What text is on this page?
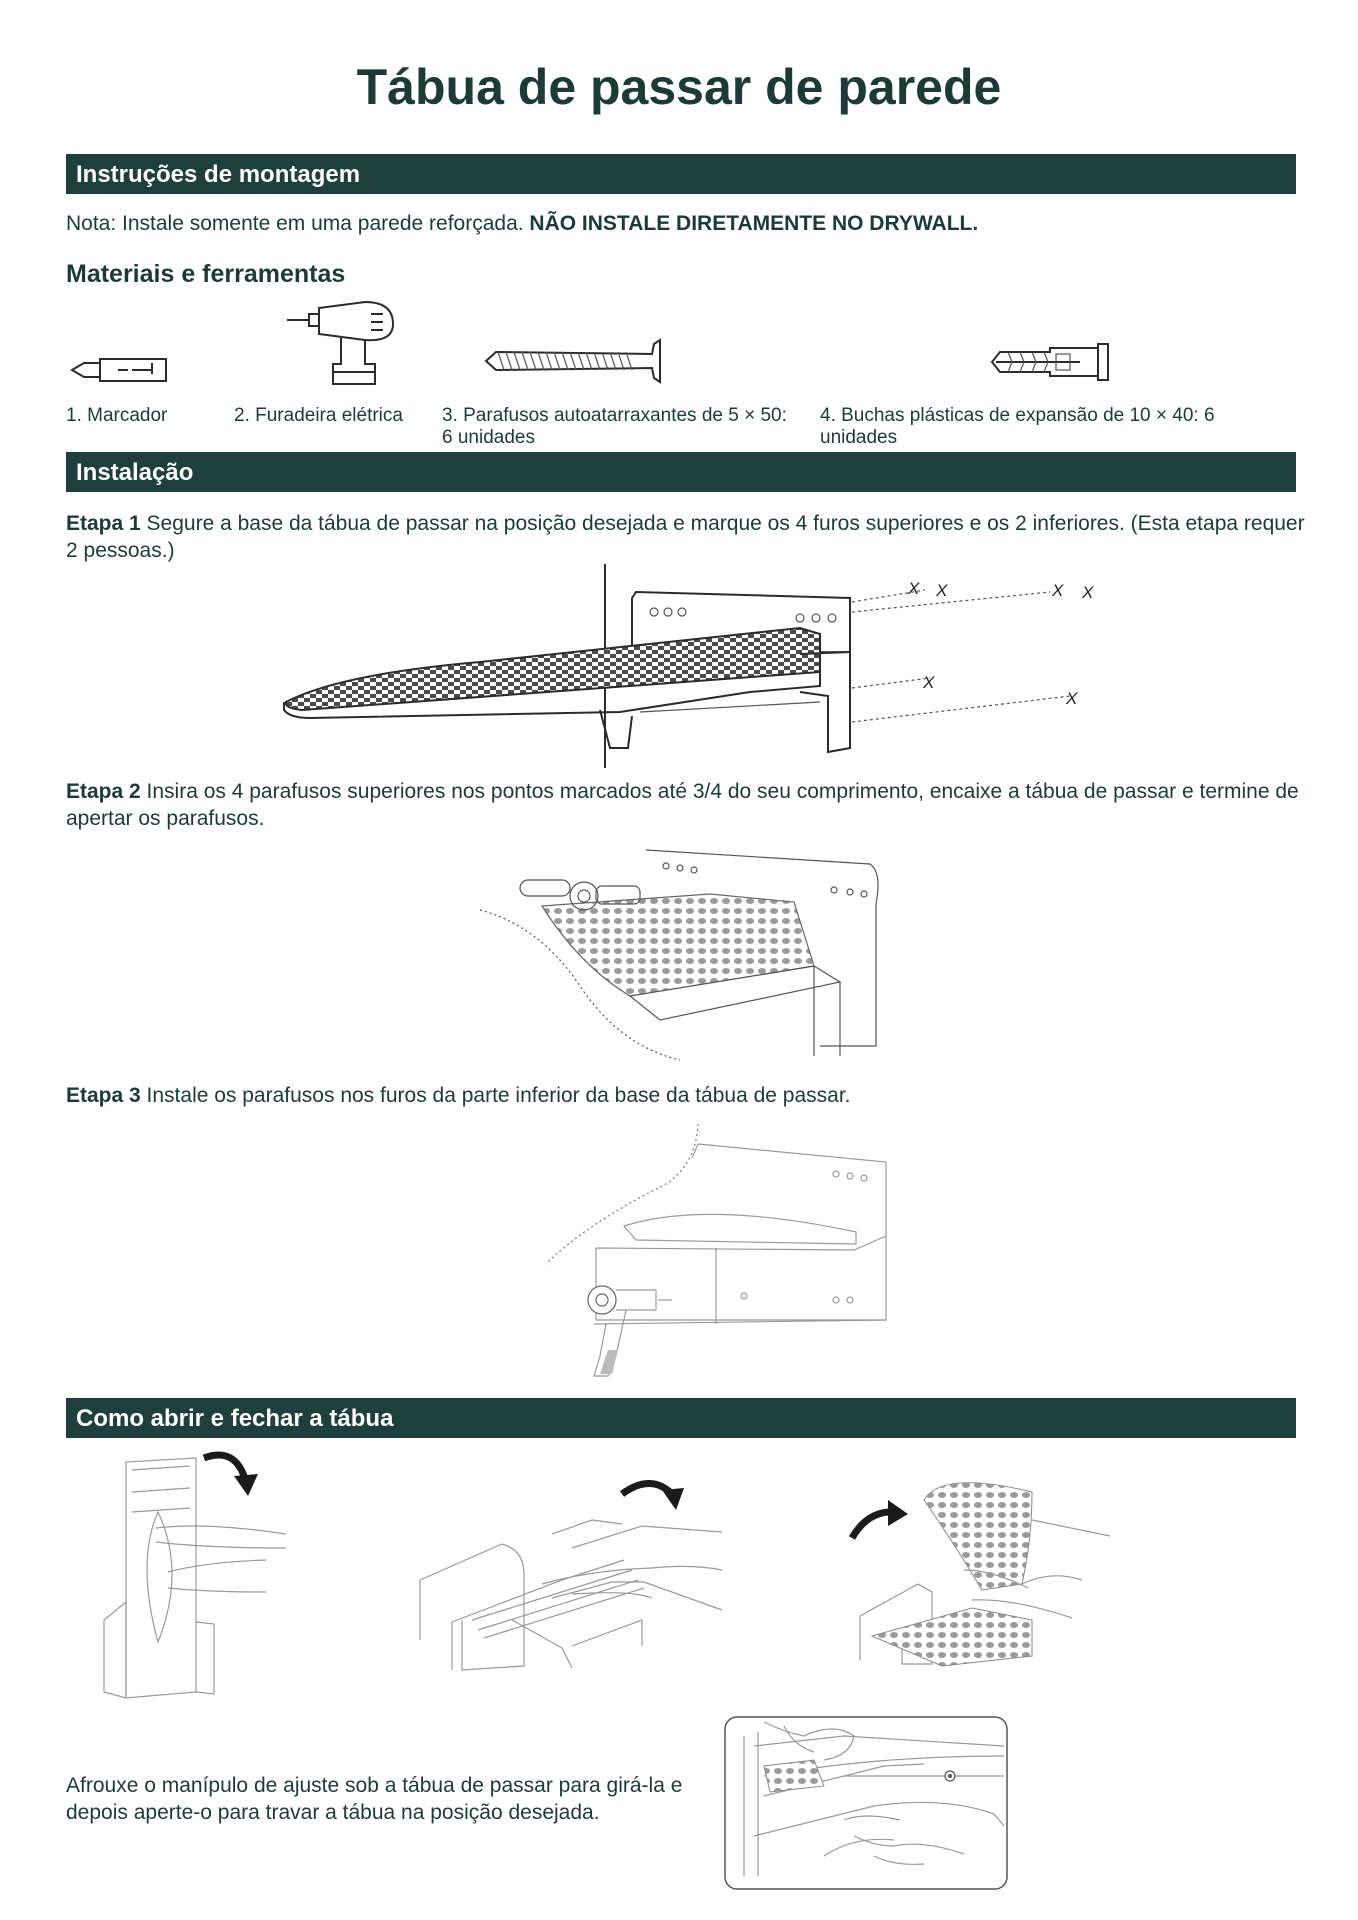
Tábua de passar de parede
Instruções de montagem
Nota: Instale somente em uma parede reforçada. NÃO INSTALE DIRETAMENTE NO DRYWALL.
Materiais e ferramentas
1. Marcador	2. Furadeira elétrica	3. Parafusos autoatarraxantes de 5 × 50: 6 unidades
4. Buchas plásticas de expansão de 10 × 40: 6 unidades
Instalação
Etapa 1 Segure a base da tábua de passar na posição desejada e marque os 4 furos superiores e os 2 inferiores. (Esta etapa requer 2 pessoas.)
X X	X X
X
X
Etapa 2 Insira os 4 parafusos superiores nos pontos marcados até 3/4 do seu comprimento, encaixe a tábua de passar e termine de apertar os parafusos.
Etapa 3 Instale os parafusos nos furos da parte inferior da base da tábua de passar.
Como abrir e fechar a tábua
Afrouxe o manípulo de ajuste sob a tábua de passar para girá-la e depois aperte-o para travar a tábua na posição desejada.
